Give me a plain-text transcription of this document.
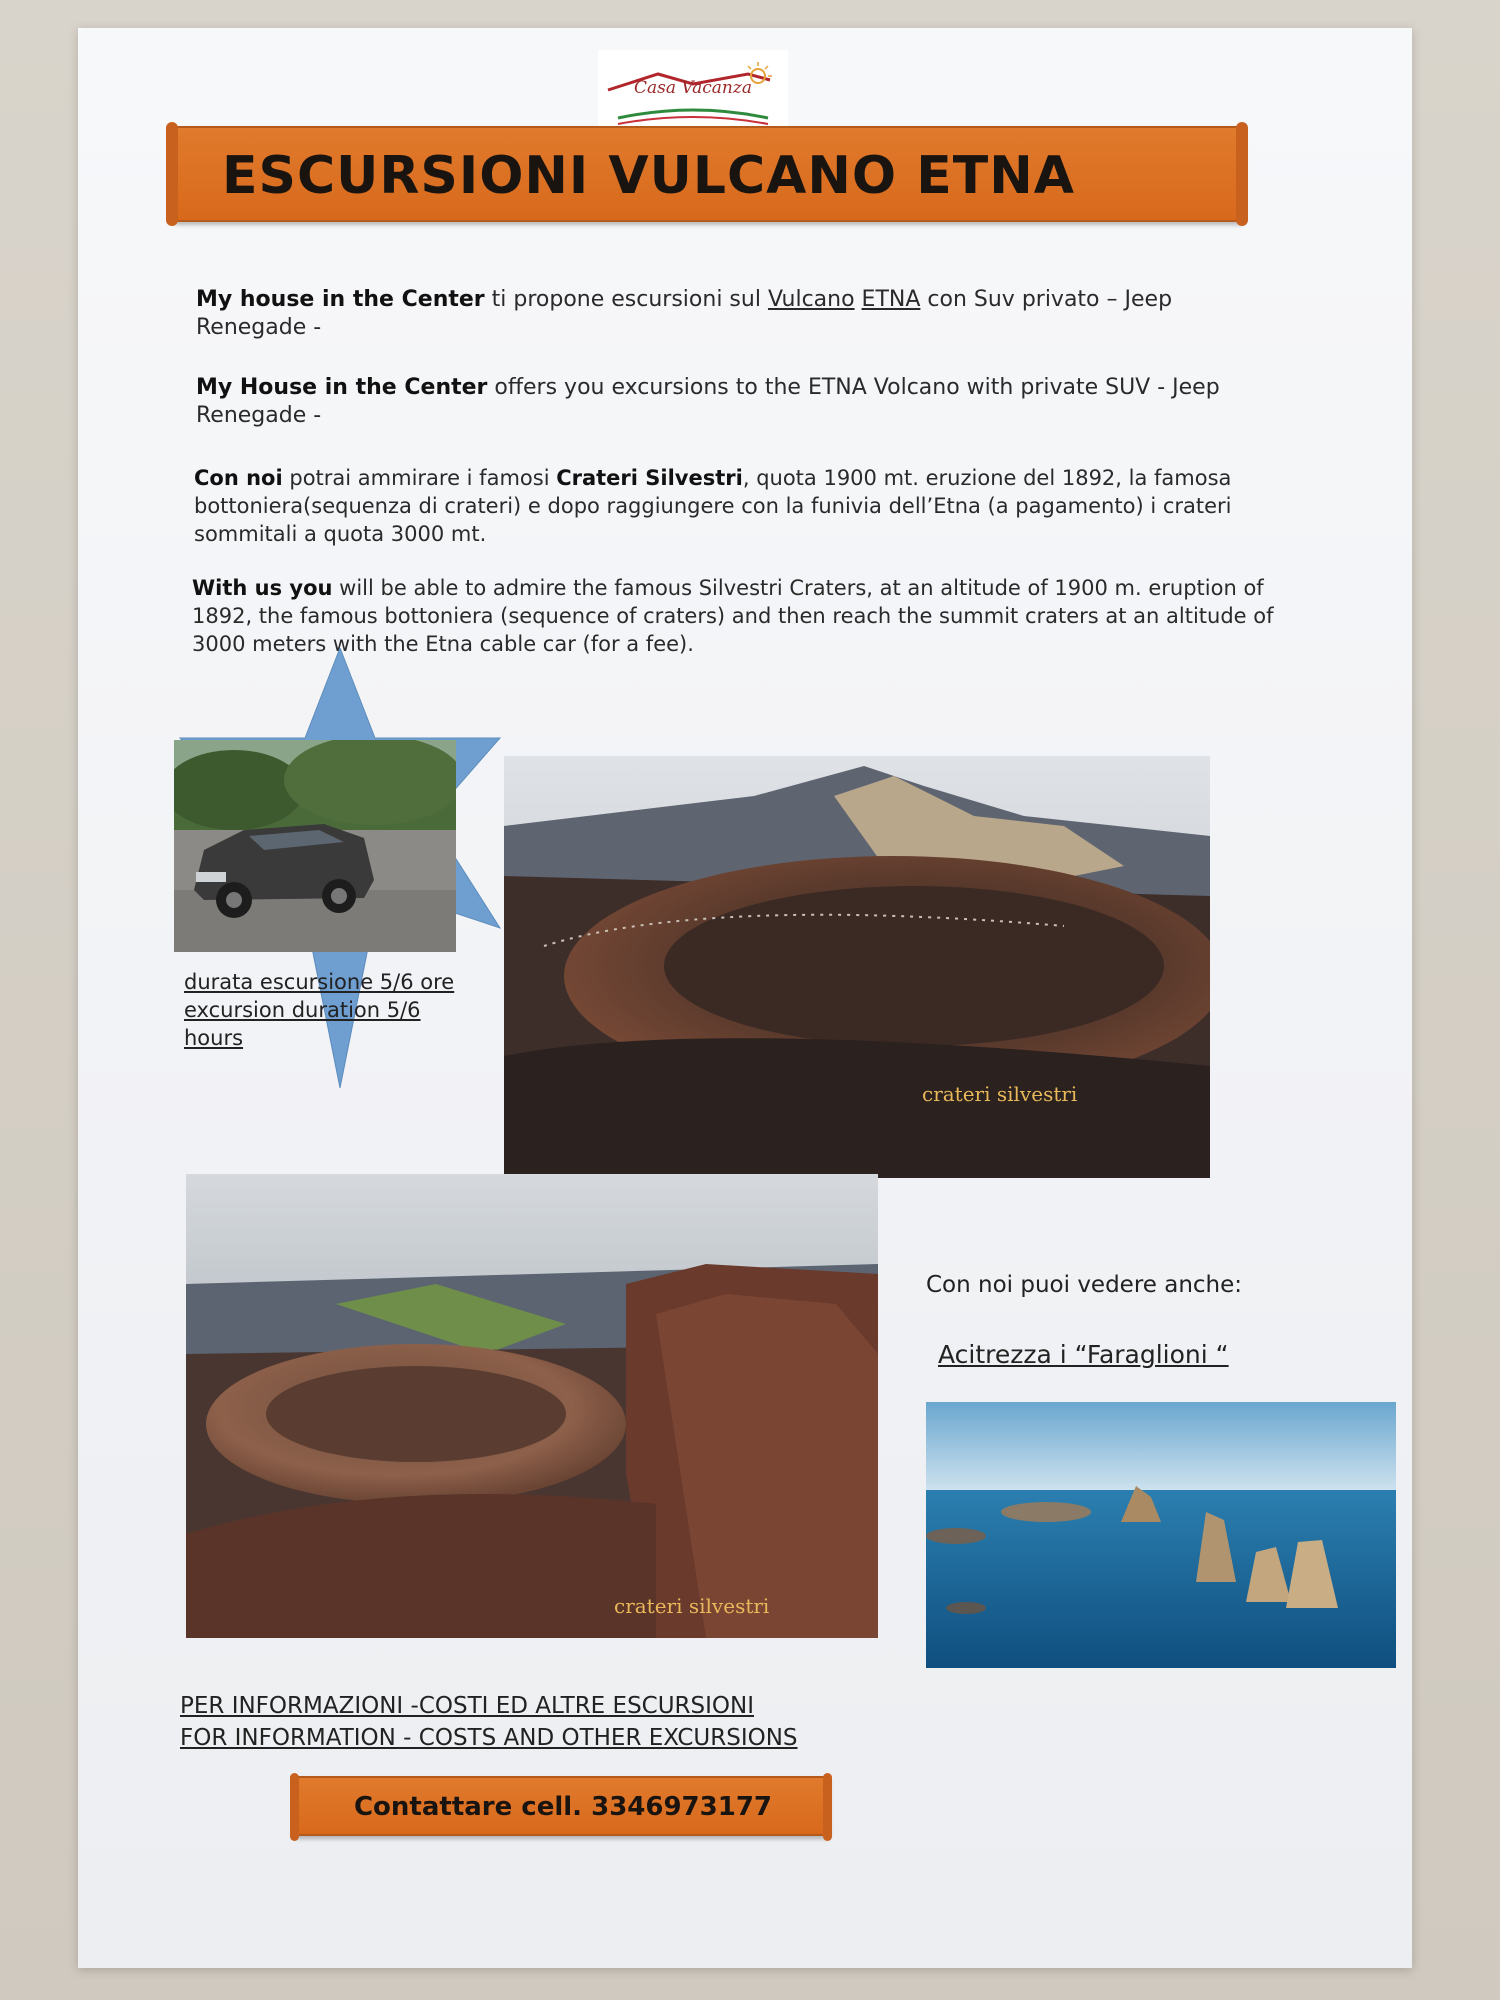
Casa Vacanza
ESCURSIONI VULCANO ETNA
My house in the Center ti propone escursioni sul Vulcano ETNA con Suv privato – Jeep Renegade -
My House in the Center offers you excursions to the ETNA Volcano with private SUV - Jeep Renegade -
Con noi potrai ammirare i famosi Crateri Silvestri, quota 1900 mt. eruzione del 1892, la famosa bottoniera(sequenza di crateri) e dopo raggiungere con la funivia dell’Etna (a pagamento) i crateri sommitali a quota 3000 mt.
With us you will be able to admire the famous Silvestri Craters, at an altitude of 1900 m. eruption of 1892, the famous bottoniera (sequence of craters) and then reach the summit craters at an altitude of 3000 meters with the Etna cable car (for a fee).
durata escursione 5/6 ore
excursion duration 5/6 hours
crateri silvestri
crateri silvestri
Con noi puoi vedere anche:
Acitrezza i “Faraglioni “
PER INFORMAZIONI -COSTI ED ALTRE ESCURSIONI
FOR INFORMATION - COSTS AND OTHER EXCURSIONS
Contattare cell. 3346973177
